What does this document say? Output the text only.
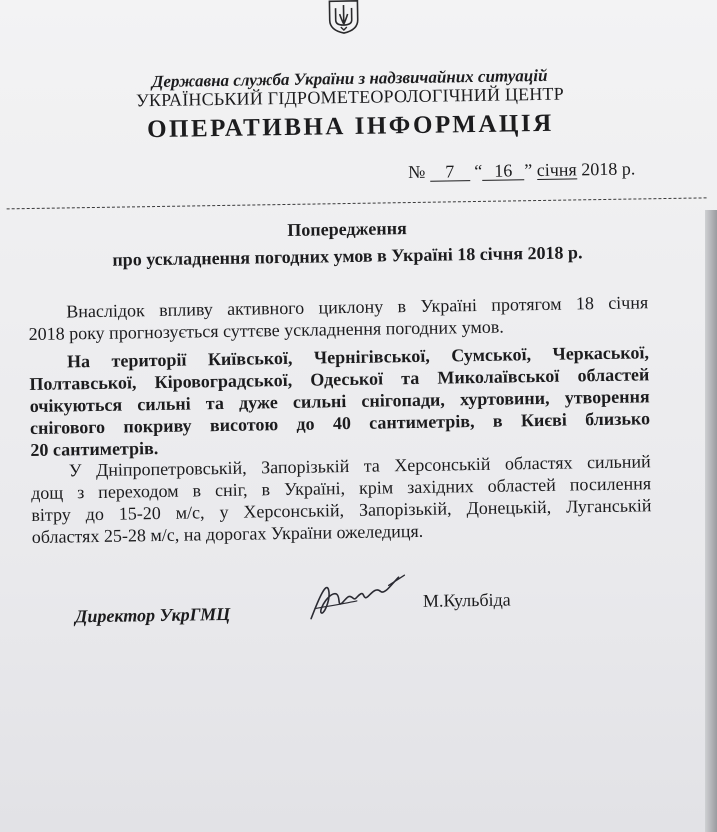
Державна служба України з надзвичайних ситуацій
УКРАЇНСЬКИЙ ГІДРОМЕТЕОРОЛОГІЧНИЙ ЦЕНТР
ОПЕРАТИВНА ІНФОРМАЦІЯ
№ 7 “ 16 ” січня 2018 р.
Попередження
про ускладнення погодних умов в Україні 18 січня 2018 р.
Внаслідок впливу активного циклону в Україні протягом 18 січня
2018 року прогнозується суттєве ускладнення погодних умов.
На території Київської, Чернігівської, Сумської, Черкаської,
Полтавської, Кіровоградської, Одеської та Миколаївської областей
очікуються сильні та дуже сильні снігопади, хуртовини, утворення
снігового покриву висотою до 40 сантиметрів, в Києві близько
20 сантиметрів.
У Дніпропетровській, Запорізькій та Херсонській областях сильний
дощ з переходом в сніг, в Україні, крім західних областей посилення
вітру до 15-20 м/с, у Херсонській, Запорізькій, Донецькій, Луганській
областях 25-28 м/с, на дорогах України ожеледиця.
Директор УкрГМЦ
М.Кульбіда
